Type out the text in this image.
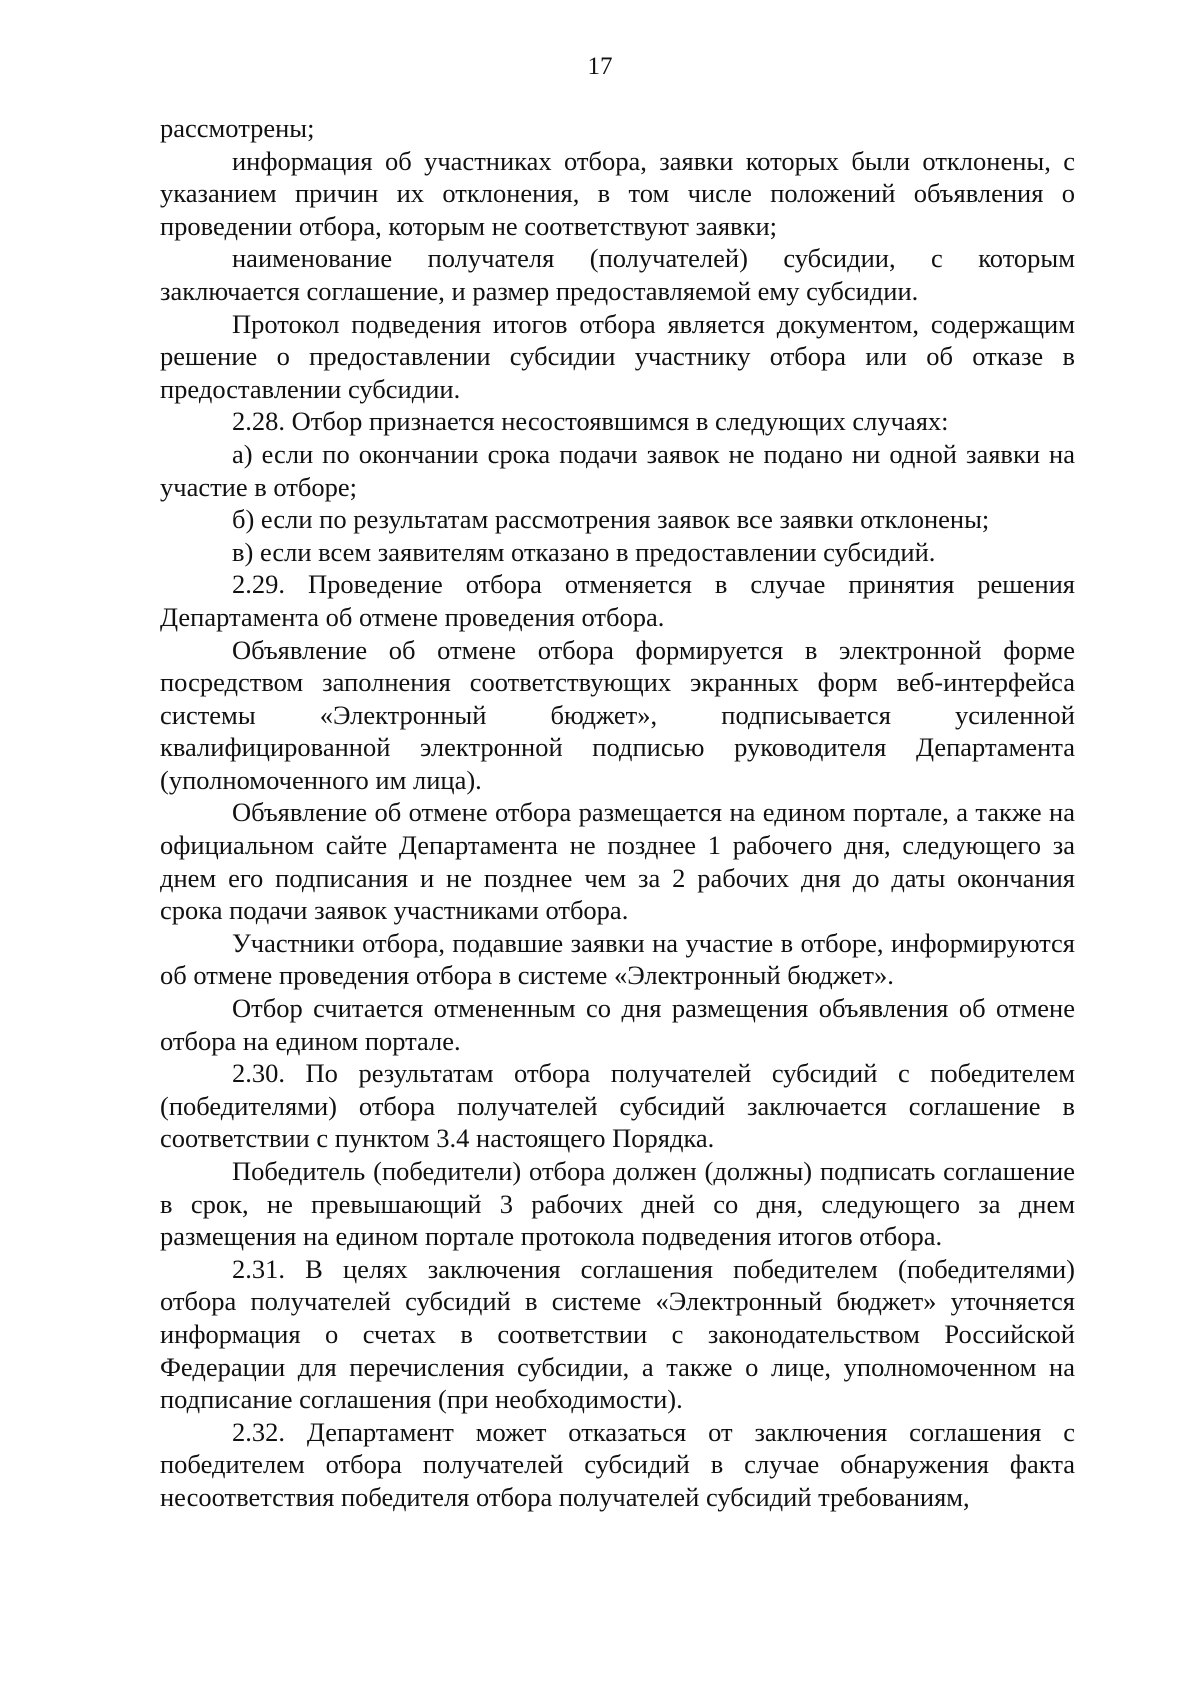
17

рассмотрены;

информация об участниках отбора, заявки которых были отклонены, с указанием причин их отклонения, в том числе положений объявления о проведении отбора, которым не соответствуют заявки;

наименование получателя (получателей) субсидии, с которым заключается соглашение, и размер предоставляемой ему субсидии.

Протокол подведения итогов отбора является документом, содержащим решение о предоставлении субсидии участнику отбора или об отказе в предоставлении субсидии.

2.28. Отбор признается несостоявшимся в следующих случаях:

а) если по окончании срока подачи заявок не подано ни одной заявки на участие в отборе;

б) если по результатам рассмотрения заявок все заявки отклонены;

в) если всем заявителям отказано в предоставлении субсидий.

2.29. Проведение отбора отменяется в случае принятия решения Департамента об отмене проведения отбора.

Объявление об отмене отбора формируется в электронной форме посредством заполнения соответствующих экранных форм веб-интерфейса системы «Электронный бюджет», подписывается усиленной квалифицированной электронной подписью руководителя Департамента (уполномоченного им лица).

Объявление об отмене отбора размещается на едином портале, а также на официальном сайте Департамента не позднее 1 рабочего дня, следующего за днем его подписания и не позднее чем за 2 рабочих дня до даты окончания срока подачи заявок участниками отбора.

Участники отбора, подавшие заявки на участие в отборе, информируются об отмене проведения отбора в системе «Электронный бюджет».

Отбор считается отмененным со дня размещения объявления об отмене отбора на едином портале.

2.30. По результатам отбора получателей субсидий с победителем (победителями) отбора получателей субсидий заключается соглашение в соответствии с пунктом 3.4 настоящего Порядка.

Победитель (победители) отбора должен (должны) подписать соглашение в срок, не превышающий 3 рабочих дней со дня, следующего за днем размещения на едином портале протокола подведения итогов отбора.

2.31. В целях заключения соглашения победителем (победителями) отбора получателей субсидий в системе «Электронный бюджет» уточняется информация о счетах в соответствии с законодательством Российской Федерации для перечисления субсидии, а также о лице, уполномоченном на подписание соглашения (при необходимости).

2.32. Департамент может отказаться от заключения соглашения с победителем отбора получателей субсидий в случае обнаружения факта несоответствия победителя отбора получателей субсидий требованиям,
